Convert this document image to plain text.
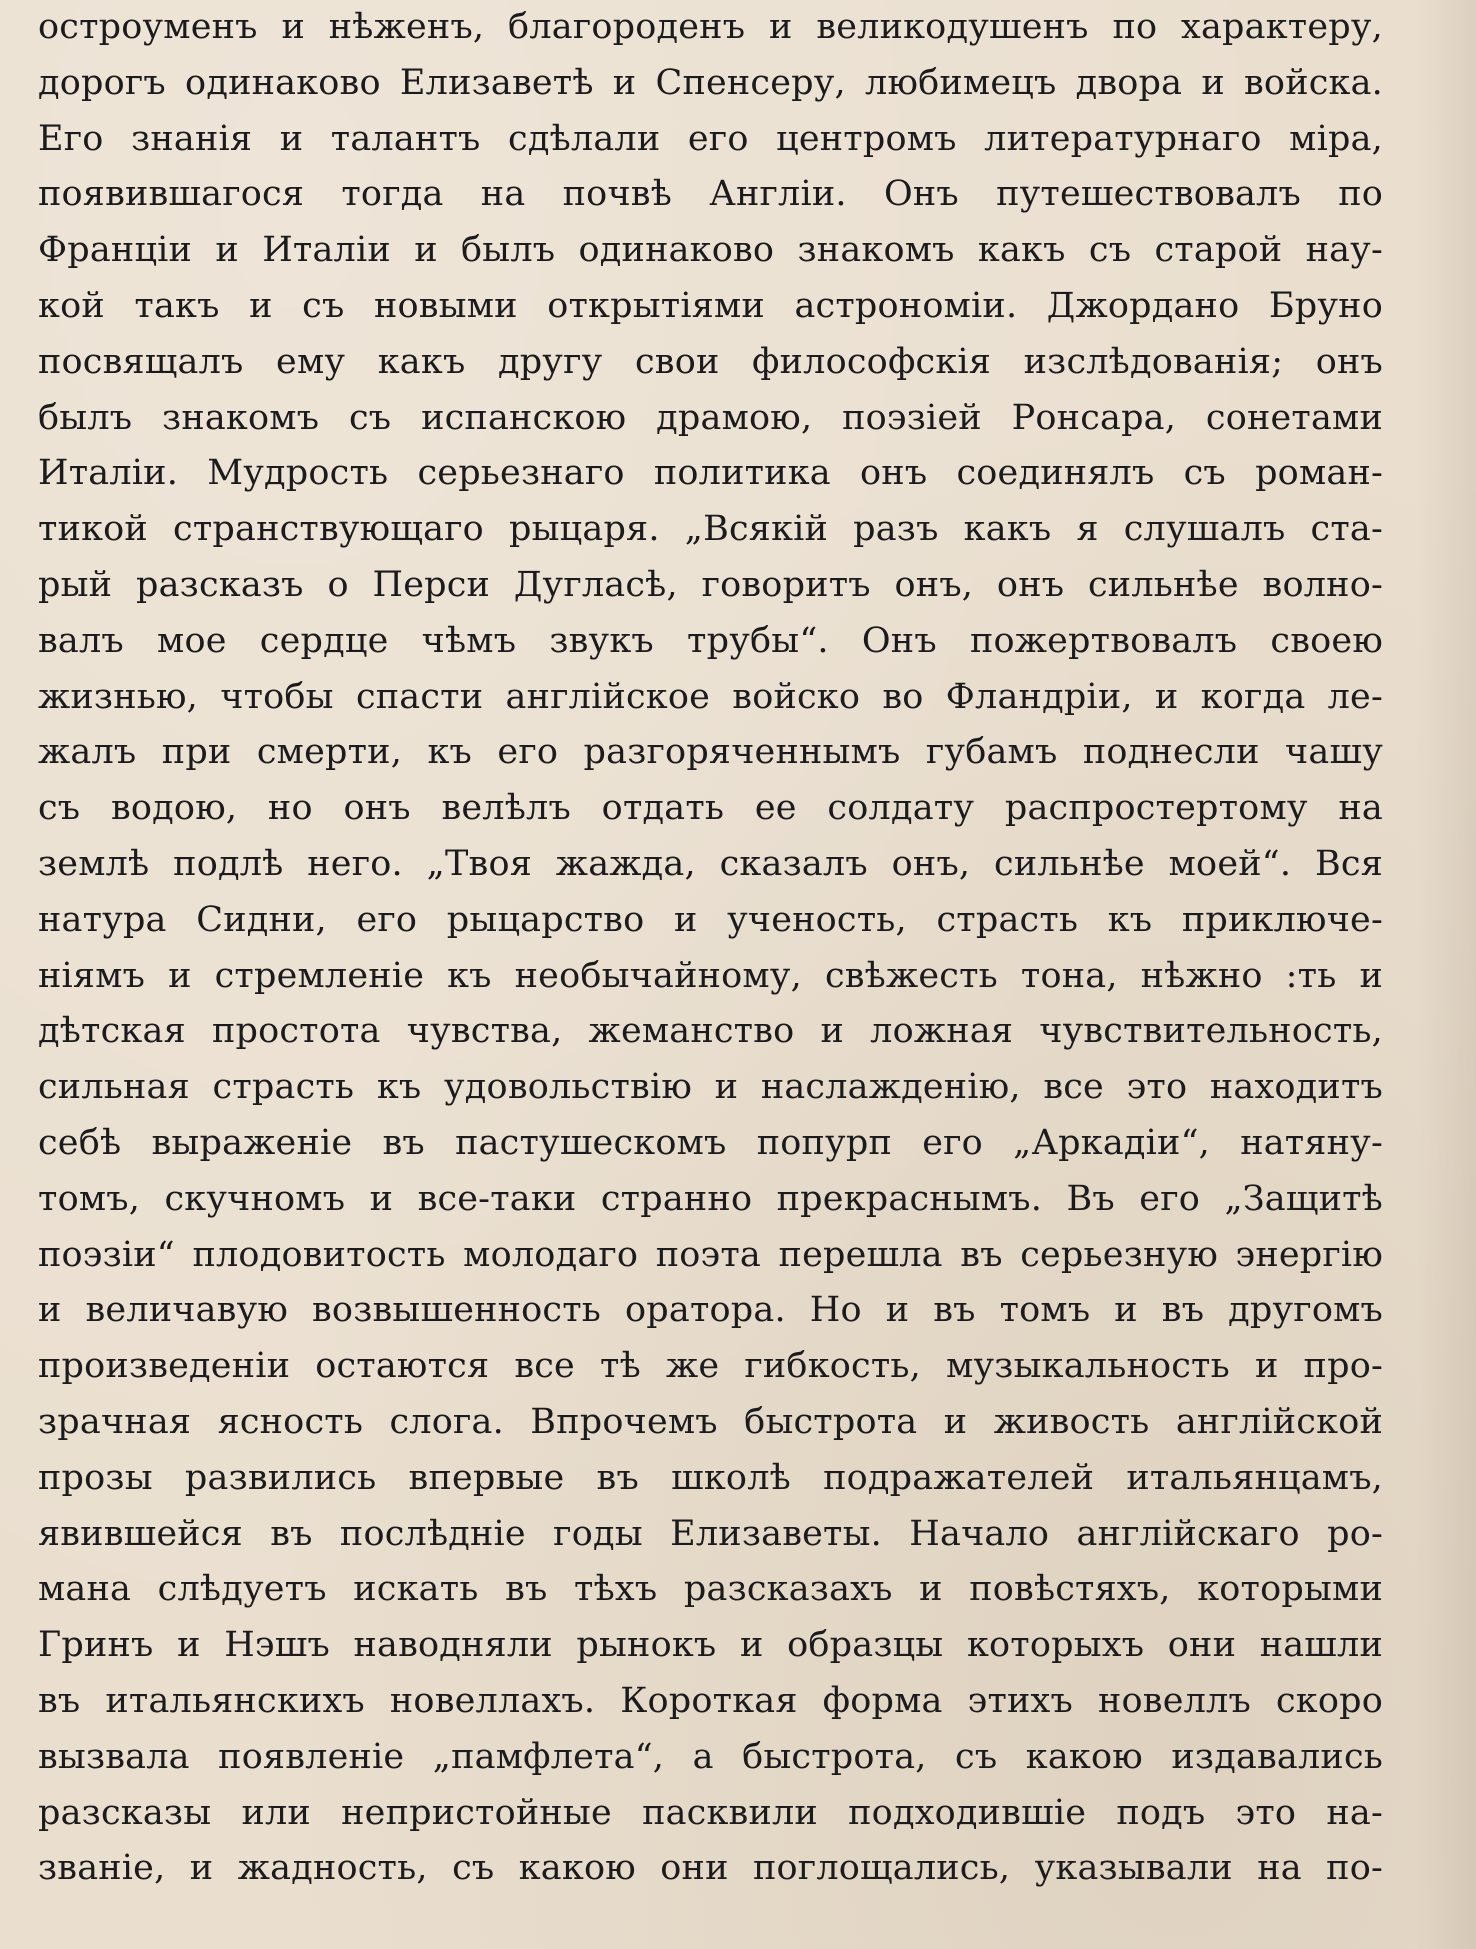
остроуменъ и нѣженъ, благороденъ и великодушенъ по характеру,
дорогъ одинаково Елизаветѣ и Спенсеру, любимецъ двора и войска.
Его знанія и талантъ сдѣлали его центромъ литературнаго міра,
появившагося тогда на почвѣ Англіи. Онъ путешествовалъ по
Франціи и Италіи и былъ одинаково знакомъ какъ съ старой нау-
кой такъ и съ новыми открытіями астрономіи. Джордано Бруно
посвящалъ ему какъ другу свои философскія изслѣдованія; онъ
былъ знакомъ съ испанскою драмою, поэзіей Ронсара, сонетами
Италіи. Мудрость серьезнаго политика онъ соединялъ съ роман-
тикой странствующаго рыцаря. „Всякій разъ какъ я слушалъ ста-
рый разсказъ о Перси Дугласѣ, говоритъ онъ, онъ сильнѣе волно-
валъ мое сердце чѣмъ звукъ трубы“. Онъ пожертвовалъ своею
жизнью, чтобы спасти англійское войско во Фландріи, и когда ле-
жалъ при смерти, къ его разгоряченнымъ губамъ поднесли чашу
съ водою, но онъ велѣлъ отдать ее солдату распростертому на
землѣ подлѣ него. „Твоя жажда, сказалъ онъ, сильнѣе моей“. Вся
натура Сидни, его рыцарство и ученость, страсть къ приключе-
ніямъ и стремленіе къ необычайному, свѣжесть тона, нѣжно :ть и
дѣтская простота чувства, жеманство и ложная чувствительность,
сильная страсть къ удовольствію и наслажденію, все это находитъ
себѣ выраженіе въ пастушескомъ попурп его „Аркадіи“, натяну-
томъ, скучномъ и все-таки странно прекраснымъ. Въ его „Защитѣ
поэзіи“ плодовитость молодаго поэта перешла въ серьезную энергію
и величавую возвышенность оратора. Но и въ томъ и въ другомъ
произведеніи остаются все тѣ же гибкость, музыкальность и про-
зрачная ясность слога. Впрочемъ быстрота и живость англійской
прозы развились впервые въ школѣ подражателей итальянцамъ,
явившейся въ послѣдніе годы Елизаветы. Начало англійскаго ро-
мана слѣдуетъ искать въ тѣхъ разсказахъ и повѣстяхъ, которыми
Гринъ и Нэшъ наводняли рынокъ и образцы которыхъ они нашли
въ итальянскихъ новеллахъ. Короткая форма этихъ новеллъ скоро
вызвала появленіе „памфлета“, а быстрота, съ какою издавались
разсказы или непристойные пасквили подходившіе подъ это на-
званіе, и жадность, съ какою они поглощались, указывали на по-
